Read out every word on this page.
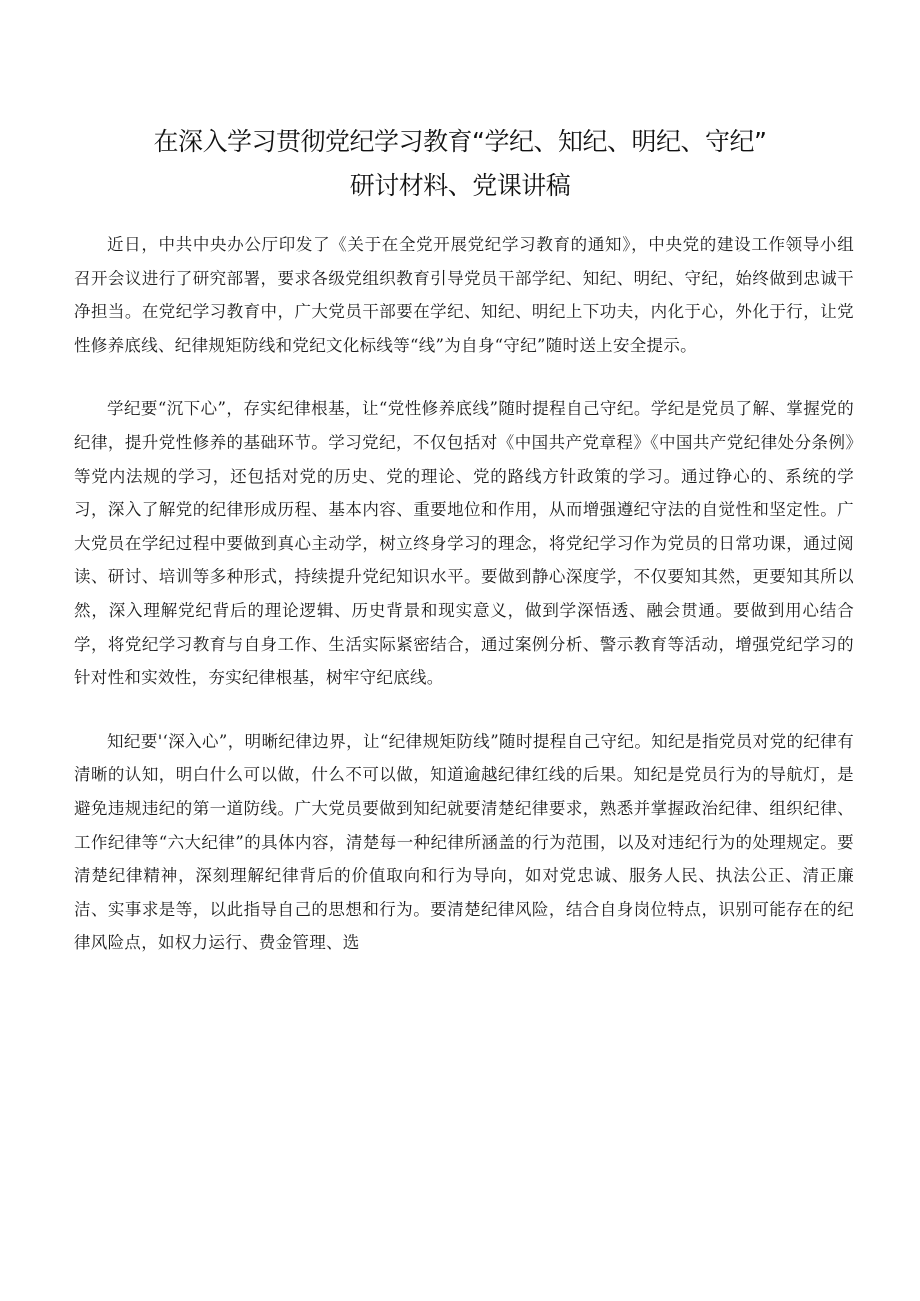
在深入学习贯彻党纪学习教育“学纪、知纪、明纪、守纪”
研讨材料、党课讲稿

近日，中共中央办公厅印发了《关于在全党开展党纪学习教育的通知》，中央党的建设工作领导小组召开会议进行了研究部署，要求各级党组织教育引导党员干部学纪、知纪、明纪、守纪，始终做到忠诚干净担当。在党纪学习教育中，广大党员干部要在学纪、知纪、明纪上下功夫，内化于心，外化于行，让党性修养底线、纪律规矩防线和党纪文化标线等“线”为自身“守纪”随时送上安全提示。

学纪要“沉下心”，存实纪律根基，让“党性修养底线”随时提程自己守纪。学纪是党员了解、掌握党的纪律，提升党性修养的基础环节。学习党纪，不仅包括对《中国共产党章程》《中国共产党纪律处分条例》等党内法规的学习，还包括对党的历史、党的理论、党的路线方针政策的学习。通过铮心的、系统的学习，深入了解党的纪律形成历程、基本内容、重要地位和作用，从而增强遵纪守法的自觉性和坚定性。广大党员在学纪过程中要做到真心主动学，树立终身学习的理念，将党纪学习作为党员的日常功课，通过阅读、研讨、培训等多种形式，持续提升党纪知识水平。要做到静心深度学，不仅要知其然，更要知其所以然，深入理解党纪背后的理论逻辑、历史背景和现实意义，做到学深悟透、融会贯通。要做到用心结合学，将党纪学习教育与自身工作、生活实际紧密结合，通过案例分析、警示教育等活动，增强党纪学习的针对性和实效性，夯实纪律根基，树牢守纪底线。

知纪要'‘深入心”，明晰纪律边界，让“纪律规矩防线”随时提程自己守纪。知纪是指党员对党的纪律有清晰的认知，明白什么可以做，什么不可以做，知道逾越纪律红线的后果。知纪是党员行为的导航灯，是避免违规违纪的第一道防线。广大党员要做到知纪就要清楚纪律要求，熟悉并掌握政治纪律、组织纪律、工作纪律等“六大纪律”的具体内容，清楚每一种纪律所涵盖的行为范围，以及对违纪行为的处理规定。要清楚纪律精神，深刻理解纪律背后的价值取向和行为导向，如对党忠诚、服务人民、执法公正、清正廉洁、实事求是等，以此指导自己的思想和行为。要清楚纪律风险，结合自身岗位特点，识别可能存在的纪律风险点，如权力运行、费金管理、选
